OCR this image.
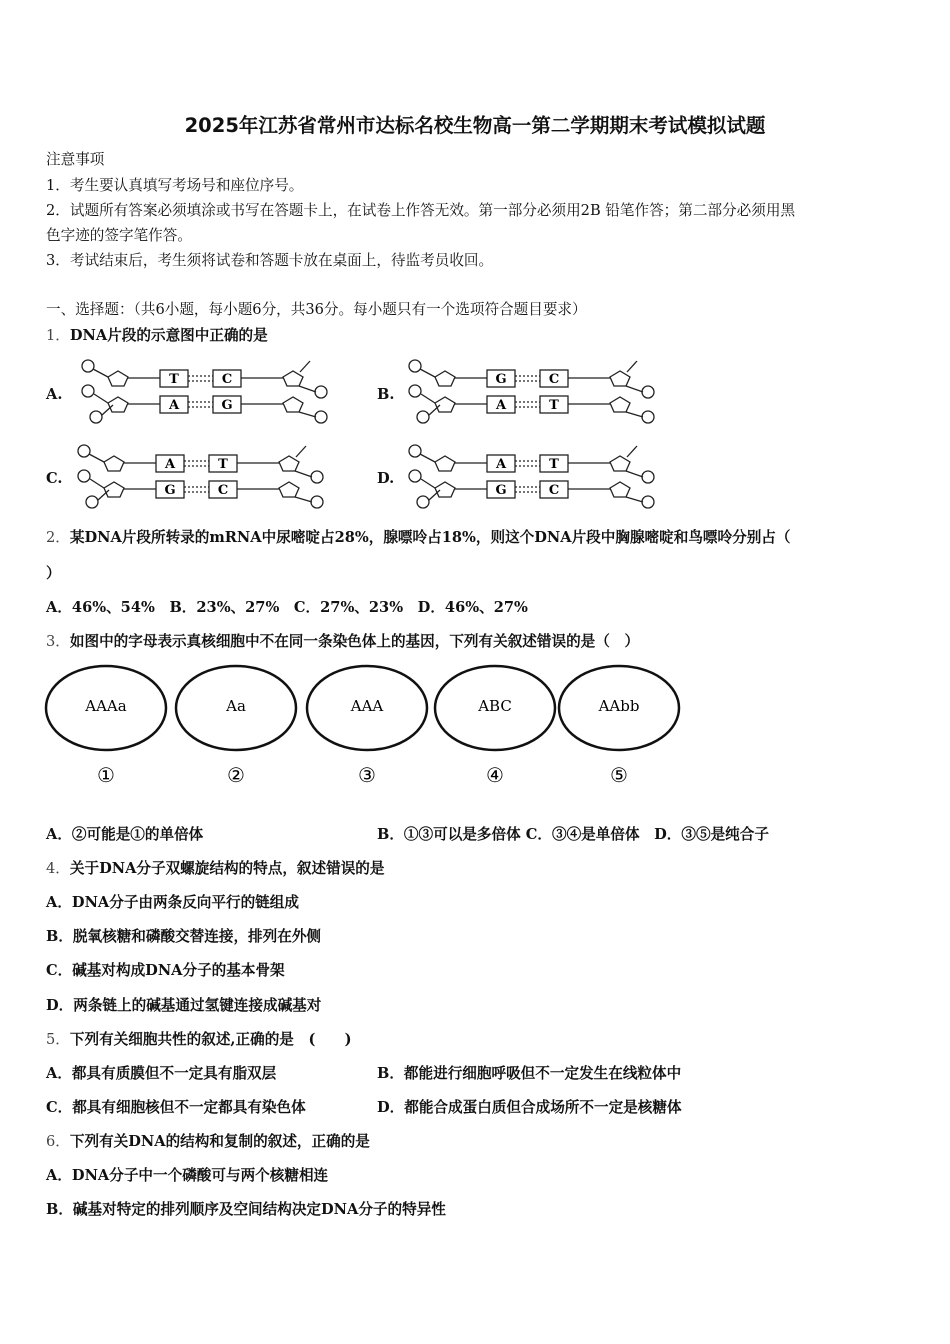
2025年江苏省常州市达标名校生物高一第二学期期末考试模拟试题
注意事项
1．考生要认真填写考场号和座位序号。
2．试题所有答案必须填涂或书写在答题卡上，在试卷上作答无效。第一部分必须用2B 铅笔作答；第二部分必须用黑
色字迹的签字笔作答。
3．考试结束后，考生须将试卷和答题卡放在桌面上，待监考员收回。
一、选择题：（共6小题，每小题6分，共36分。每小题只有一个选项符合题目要求）
1．DNA片段的示意图中正确的是
A.	B.
C.	D.
T	C
A	G
G	C
A	T
A	T
G	C
A	T
G	C
2．某DNA片段所转录的mRNA中尿嘧啶占28%，腺嘌呤占18%，则这个DNA片段中胸腺嘧啶和鸟嘌呤分别占（
）
A．46%、54%　B．23%、27%　C．27%、23%　D．46%、27%
3．如图中的字母表示真核细胞中不在同一条染色体上的基因，下列有关叙述错误的是（　）
AAAa	Aa	AAA	ABC	AAbb
①	②	③	④	⑤
A．②可能是①的单倍体	B．①③可以是多倍体 C．③④是单倍体　D．③⑤是纯合子
4．关于DNA分子双螺旋结构的特点，叙述错误的是
A．DNA分子由两条反向平行的链组成
B．脱氧核糖和磷酸交替连接，排列在外侧
C．碱基对构成DNA分子的基本骨架
D．两条链上的碱基通过氢键连接成碱基对
5．下列有关细胞共性的叙述,正确的是　(　　)
A．都具有质膜但不一定具有脂双层	B．都能进行细胞呼吸但不一定发生在线粒体中
C．都具有细胞核但不一定都具有染色体	D．都能合成蛋白质但合成场所不一定是核糖体
6．下列有关DNA的结构和复制的叙述，正确的是
A．DNA分子中一个磷酸可与两个核糖相连
B．碱基对特定的排列顺序及空间结构决定DNA分子的特异性
